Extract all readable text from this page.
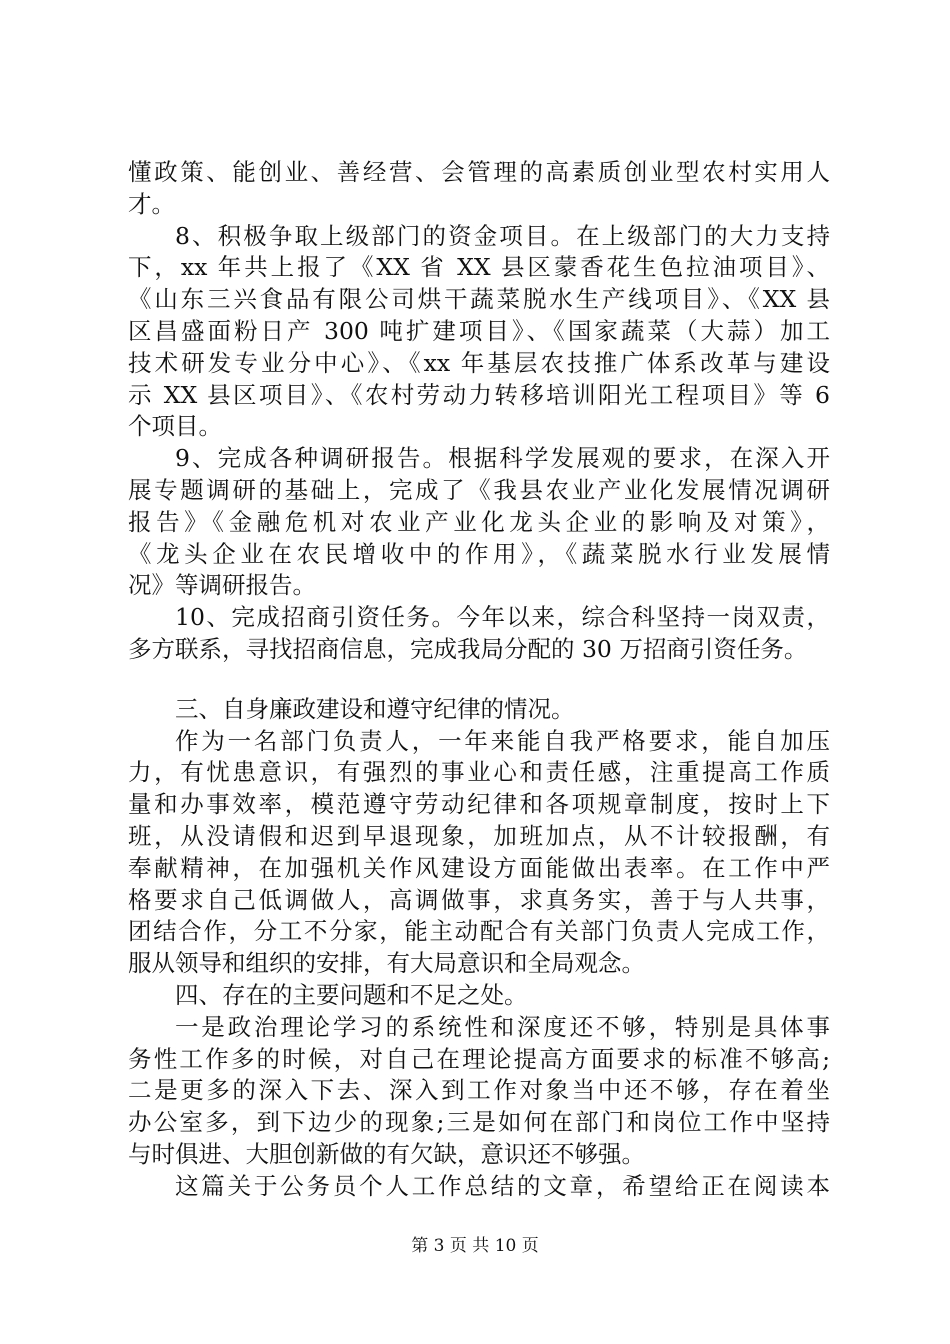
懂政策、能创业、善经营、会管理的高素质创业型农村实用人
才。
8、积极争取上级部门的资金项目。在上级部门的大力支持
下，xx 年共上报了《XX 省 XX 县区蒙香花生色拉油项目》、
《山东三兴食品有限公司烘干蔬菜脱水生产线项目》、《XX 县
区昌盛面粉日产 300 吨扩建项目》、《国家蔬菜（大蒜）加工
技术研发专业分中心》、《xx 年基层农技推广体系改革与建设
示 XX 县区项目》、《农村劳动力转移培训阳光工程项目》等 6
个项目。
9、完成各种调研报告。根据科学发展观的要求，在深入开
展专题调研的基础上，完成了《我县农业产业化发展情况调研
报告》《金融危机对农业产业化龙头企业的影响及对策》，
《龙头企业在农民增收中的作用》，《蔬菜脱水行业发展情
况》等调研报告。
10、完成招商引资任务。今年以来，综合科坚持一岗双责，
多方联系，寻找招商信息，完成我局分配的 30 万招商引资任务。
三、自身廉政建设和遵守纪律的情况。
作为一名部门负责人，一年来能自我严格要求，能自加压
力，有忧患意识，有强烈的事业心和责任感，注重提高工作质
量和办事效率，模范遵守劳动纪律和各项规章制度，按时上下
班，从没请假和迟到早退现象，加班加点，从不计较报酬，有
奉献精神，在加强机关作风建设方面能做出表率。在工作中严
格要求自己低调做人，高调做事，求真务实，善于与人共事，
团结合作，分工不分家，能主动配合有关部门负责人完成工作，
服从领导和组织的安排，有大局意识和全局观念。
四、存在的主要问题和不足之处。
一是政治理论学习的系统性和深度还不够，特别是具体事
务性工作多的时候，对自己在理论提高方面要求的标准不够高;
二是更多的深入下去、深入到工作对象当中还不够，存在着坐
办公室多，到下边少的现象;三是如何在部门和岗位工作中坚持
与时俱进、大胆创新做的有欠缺，意识还不够强。
这篇关于公务员个人工作总结的文章，希望给正在阅读本
第 3 页 共 10 页
